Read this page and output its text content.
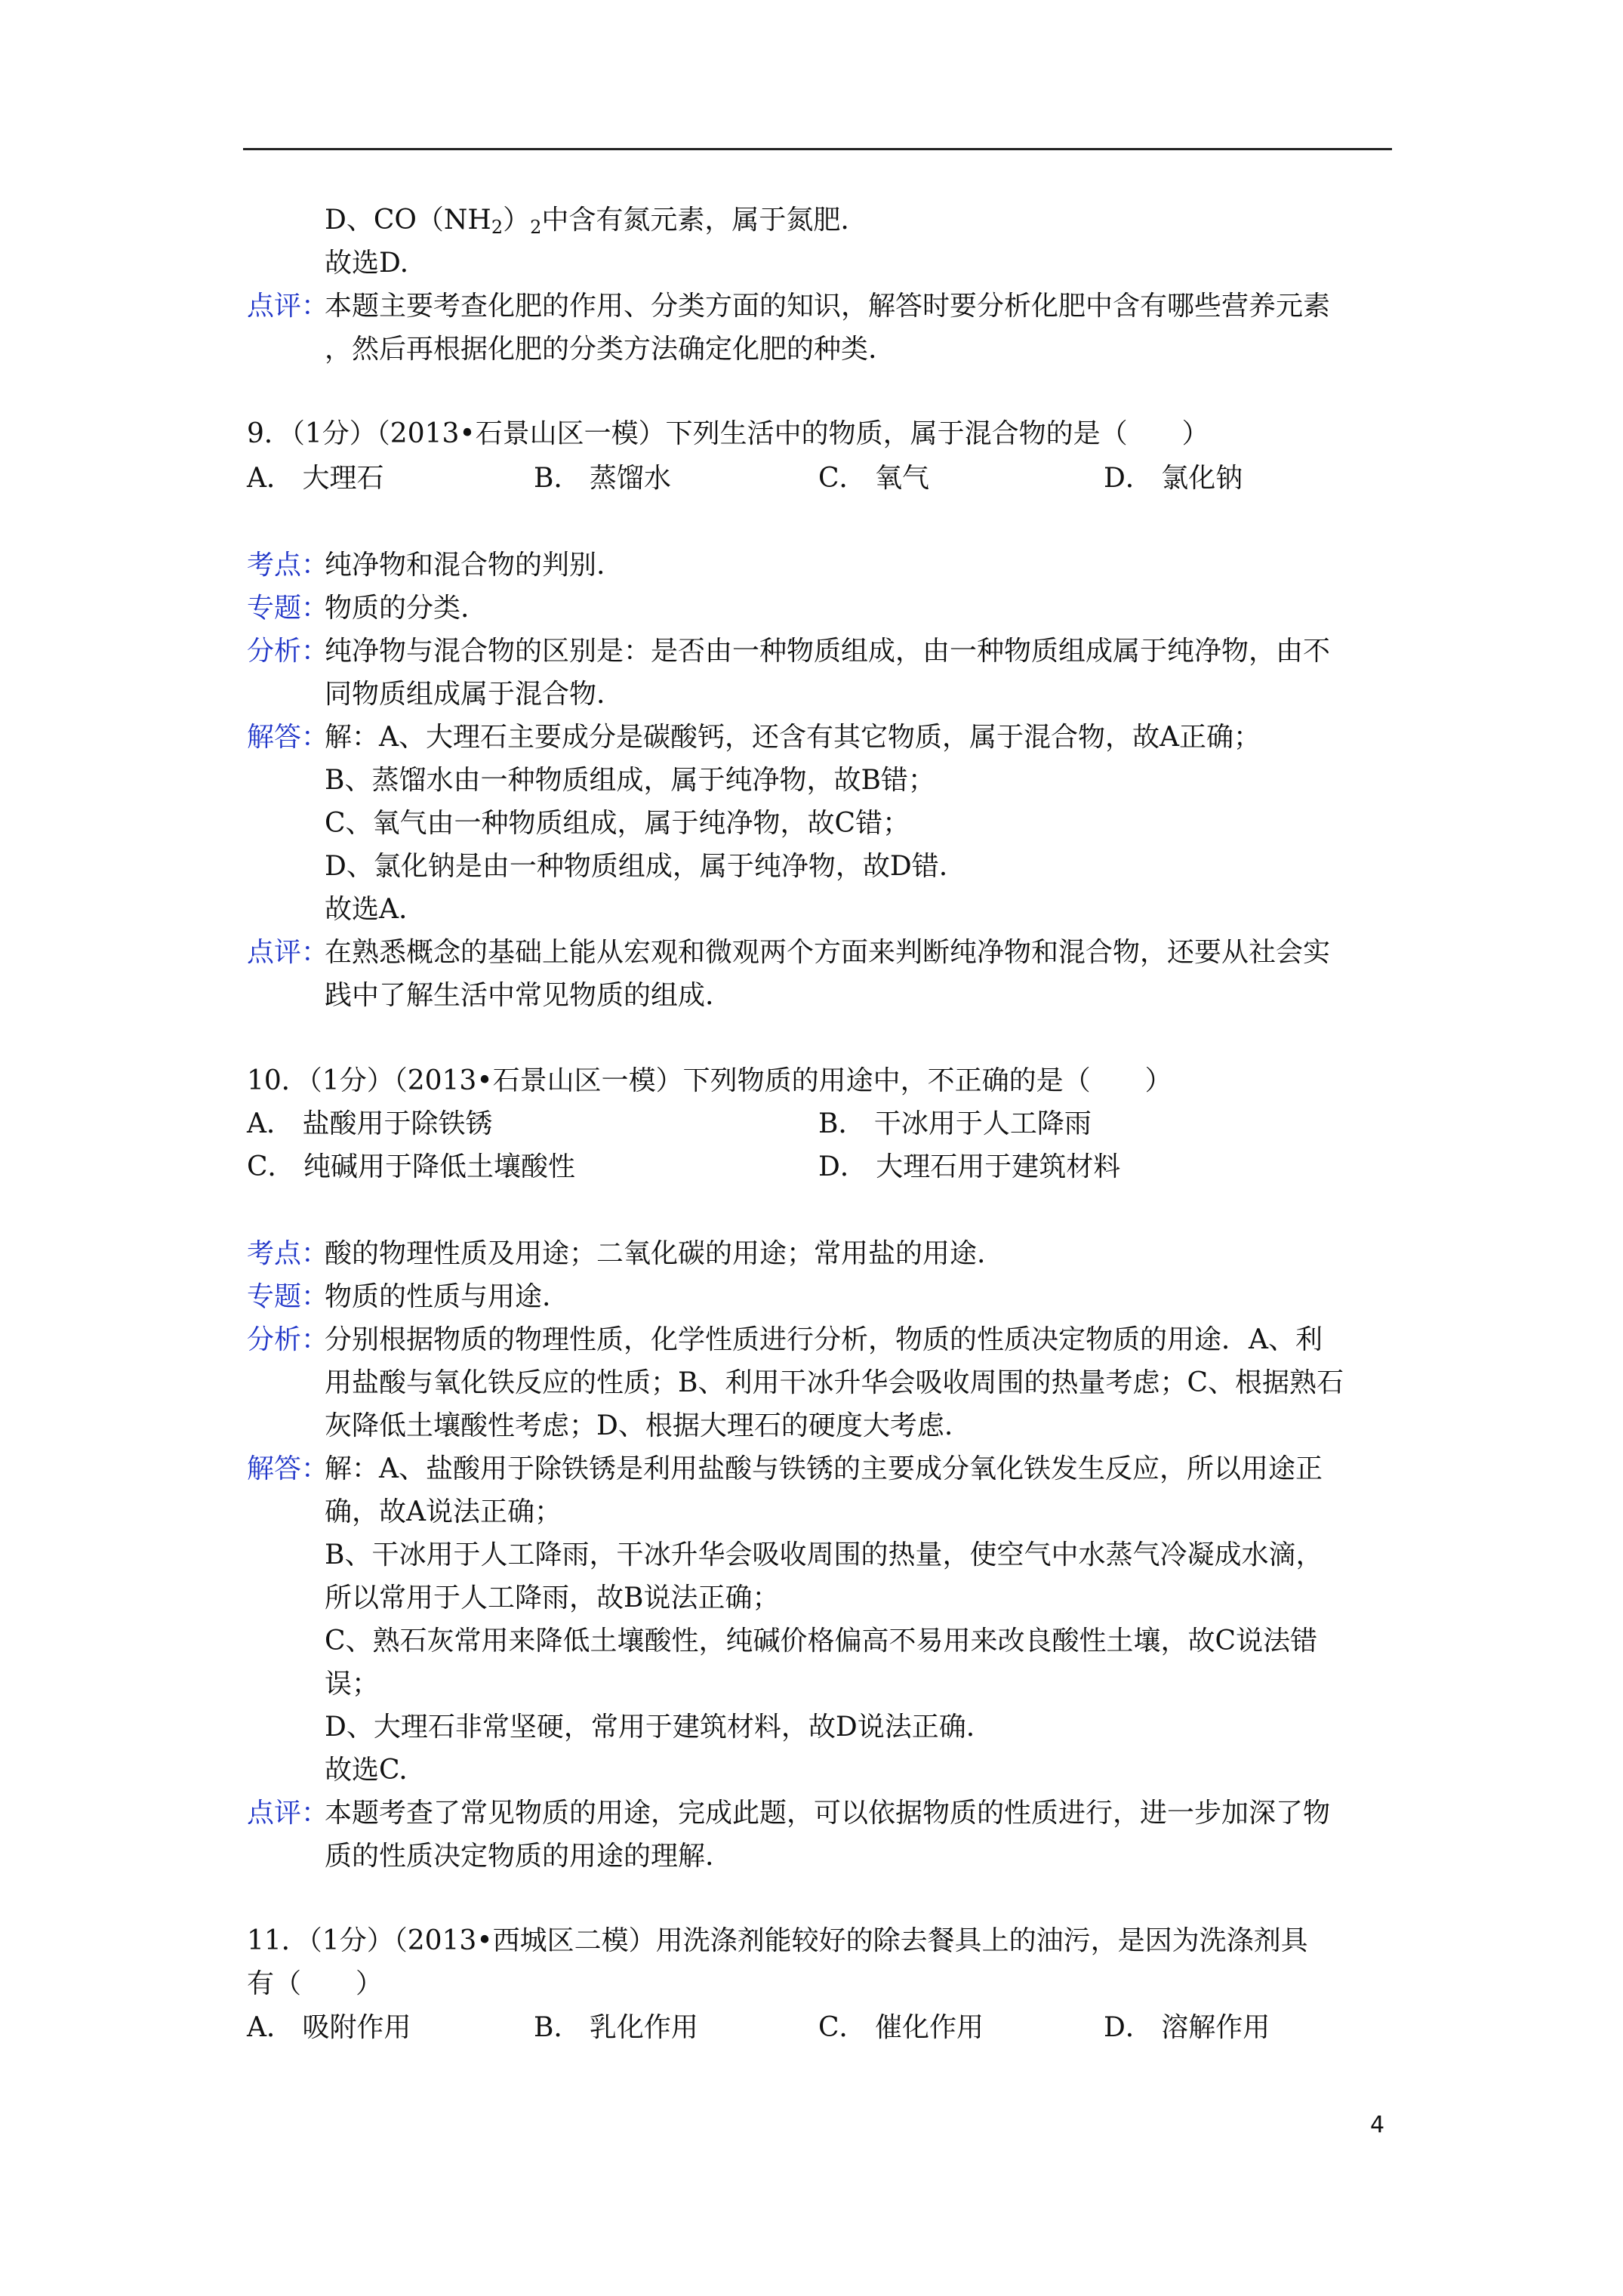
D、$CO(NH_2)_2$中含有氮元素，属于氮肥.
故选D.
点评：
本题主要考查化肥的作用、分类方面的知识，解答时要分析化肥中含有哪些营养元素
，然后再根据化肥的分类方法确定化肥的种类.
9．（1分）（2013•石景山区一模）下列生活中的物质，属于混合物的是（　　）
A． 大理石	B． 蒸馏水	C． 氧气	D． 氯化钠
考点：
纯净物和混合物的判别.
专题：
物质的分类.
分析：
纯净物与混合物的区别是：是否由一种物质组成，由一种物质组成属于纯净物，由不
同物质组成属于混合物.
解答：
解：A、大理石主要成分是碳酸钙，还含有其它物质，属于混合物，故A正确；
B、蒸馏水由一种物质组成，属于纯净物，故B错；
C、氧气由一种物质组成，属于纯净物，故C错；
D、氯化钠是由一种物质组成，属于纯净物，故D错.
故选A.
点评：
在熟悉概念的基础上能从宏观和微观两个方面来判断纯净物和混合物，还要从社会实
践中了解生活中常见物质的组成.
10．（1分）（2013•石景山区一模）下列物质的用途中，不正确的是（　　）
A． 盐酸用于除铁锈	B． 干冰用于人工降雨
C． 纯碱用于降低土壤酸性	D． 大理石用于建筑材料
考点：
酸的物理性质及用途；二氧化碳的用途；常用盐的用途.
专题：
物质的性质与用途.
分析：
分别根据物质的物理性质，化学性质进行分析，物质的性质决定物质的用途．A、利
用盐酸与氧化铁反应的性质；B、利用干冰升华会吸收周围的热量考虑；C、根据熟石
灰降低土壤酸性考虑；D、根据大理石的硬度大考虑.
解答：
解：A、盐酸用于除铁锈是利用盐酸与铁锈的主要成分氧化铁发生反应，所以用途正
确，故A说法正确；
B、干冰用于人工降雨，干冰升华会吸收周围的热量，使空气中水蒸气冷凝成水滴，
所以常用于人工降雨，故B说法正确；
C、熟石灰常用来降低土壤酸性，纯碱价格偏高不易用来改良酸性土壤，故C说法错
误；
D、大理石非常坚硬，常用于建筑材料，故D说法正确.
故选C.
点评：
本题考查了常见物质的用途，完成此题，可以依据物质的性质进行，进一步加深了物
质的性质决定物质的用途的理解.
11．（1分）（2013•西城区二模）用洗涤剂能较好的除去餐具上的油污，是因为洗涤剂具
有（　　）
A． 吸附作用	B． 乳化作用	C． 催化作用	D． 溶解作用
4
